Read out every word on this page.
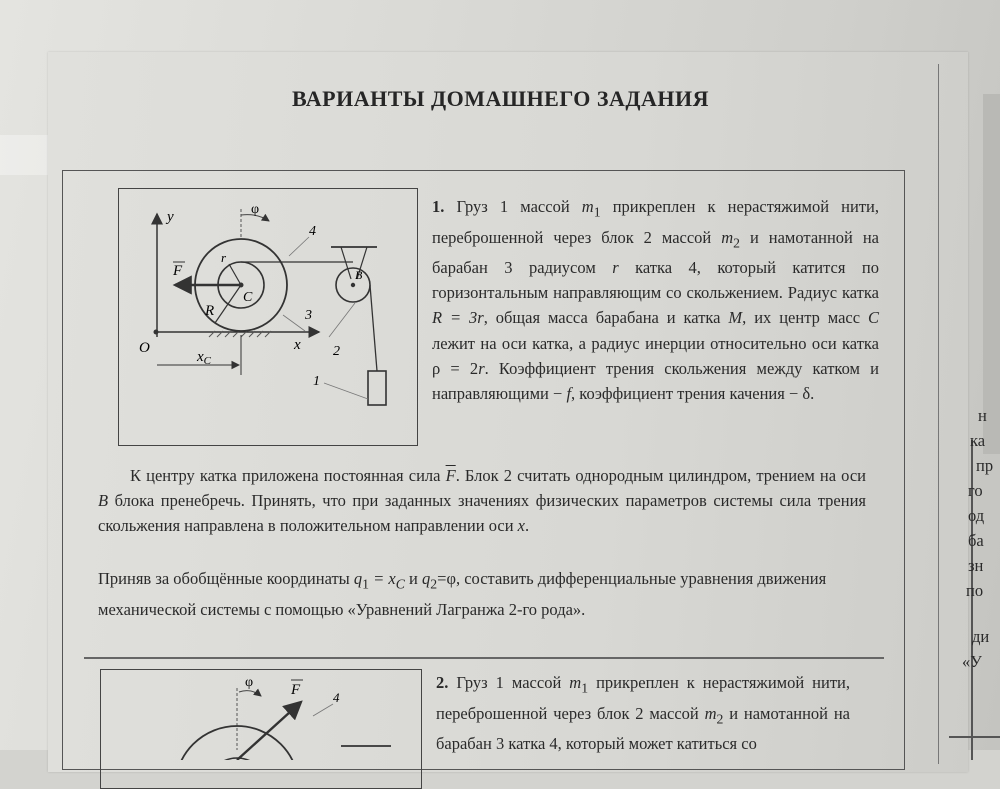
ВАРИАНТЫ ДОМАШНЕГО ЗАДАНИЯ
y	φ
4
F
r
C
R
B
3
O	x 2
$x_C$
1
1. Груз 1 массой $m_1$ прикреплен к нерастяжимой нити, переброшенной через блок 2 массой $m_2$ и намотанной на барабан 3 радиусом r катка 4, который катится по горизонтальным направляющим со скольжением. Радиус катка R = 3r, общая масса барабана и катка M, их центр масс C лежит на оси катка, а радиус инерции относительно оси катка ρ = 2r. Коэффициент трения скольжения между катком и направляющими − f, коэффициент трения качения − δ.
К центру катка приложена постоянная сила $\overline{F}$. Блок 2 считать однородным цилиндром, трением на оси B блока пренебречь. Принять, что при заданных значениях физических параметров системы сила трения скольжения направлена в положительном направлении оси x.
Приняв за обобщённые координаты $q_1 = x_C$ и $q_2=\varphi$, составить дифференциальные уравнения движения механической системы с помощью «Уравнений Лагранжа 2-го рода».
φ	F	4
2. Груз 1 массой $m_1$ прикреплен к нерастяжимой нити, переброшенной через блок 2 массой $m_2$ и намотанной на барабан 3 катка 4, который может катиться со
н
ка
пр
го
од
ба
зн
по
ди
«У
